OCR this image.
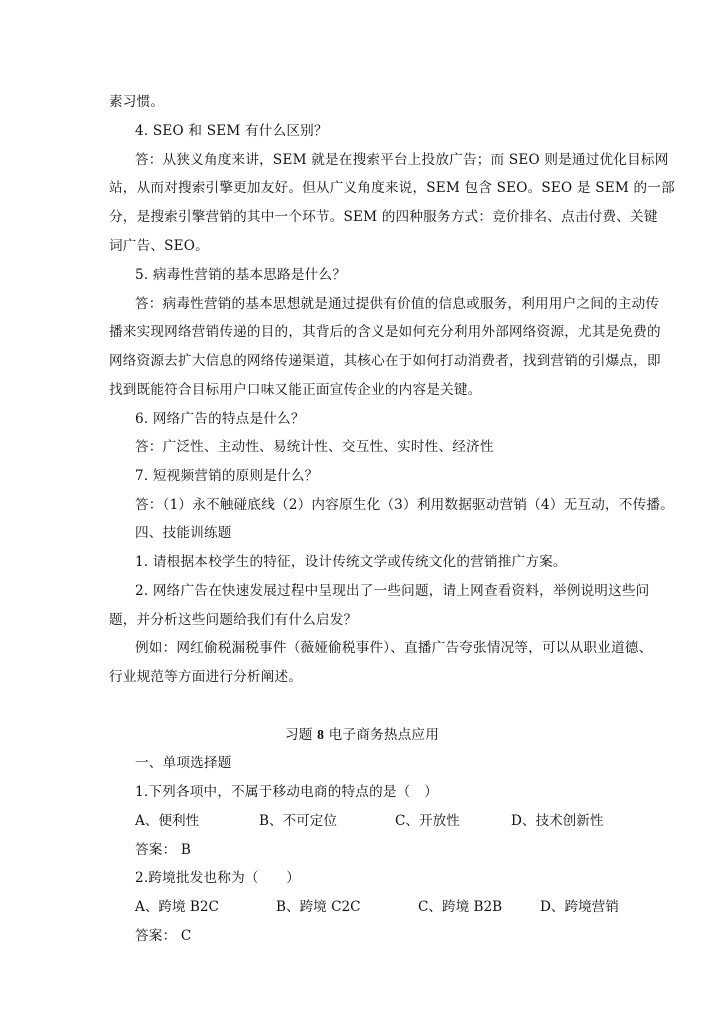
素习惯。
4. SEO 和 SEM 有什么区别？
答：从狭义角度来讲，SEM 就是在搜索平台上投放广告；而 SEO 则是通过优化目标网
站，从而对搜索引擎更加友好。但从广义角度来说，SEM 包含 SEO。SEO 是 SEM 的一部
分，是搜索引擎营销的其中一个环节。SEM 的四种服务方式：竞价排名、点击付费、关键
词广告、SEO。
5. 病毒性营销的基本思路是什么？
答：病毒性营销的基本思想就是通过提供有价值的信息或服务，利用用户之间的主动传
播来实现网络营销传递的目的，其背后的含义是如何充分利用外部网络资源，尤其是免费的
网络资源去扩大信息的网络传递渠道，其核心在于如何打动消费者，找到营销的引爆点，即
找到既能符合目标用户口味又能正面宣传企业的内容是关键。
6. 网络广告的特点是什么？
答：广泛性、主动性、易统计性、交互性、实时性、经济性
7. 短视频营销的原则是什么？
答：（1）永不触碰底线（2）内容原生化（3）利用数据驱动营销（4）无互动，不传播。
四、技能训练题
1. 请根据本校学生的特征，设计传统文学或传统文化的营销推广方案。
2. 网络广告在快速发展过程中呈现出了一些问题，请上网查看资料，举例说明这些问
题，并分析这些问题给我们有什么启发？
例如：网红偷税漏税事件（薇娅偷税事件）、直播广告夸张情况等，可以从职业道德、
行业规范等方面进行分析阐述。
习题 8 电子商务热点应用
一、单项选择题
1.下列各项中，不属于移动电商的特点的是（　）
A、便利性	B、不可定位	C、开放性	D、技术创新性
答案： B
2.跨境批发也称为（　　）
A、跨境 B2C	B、跨境 C2C	C、跨境 B2B	D、跨境营销
答案： C
